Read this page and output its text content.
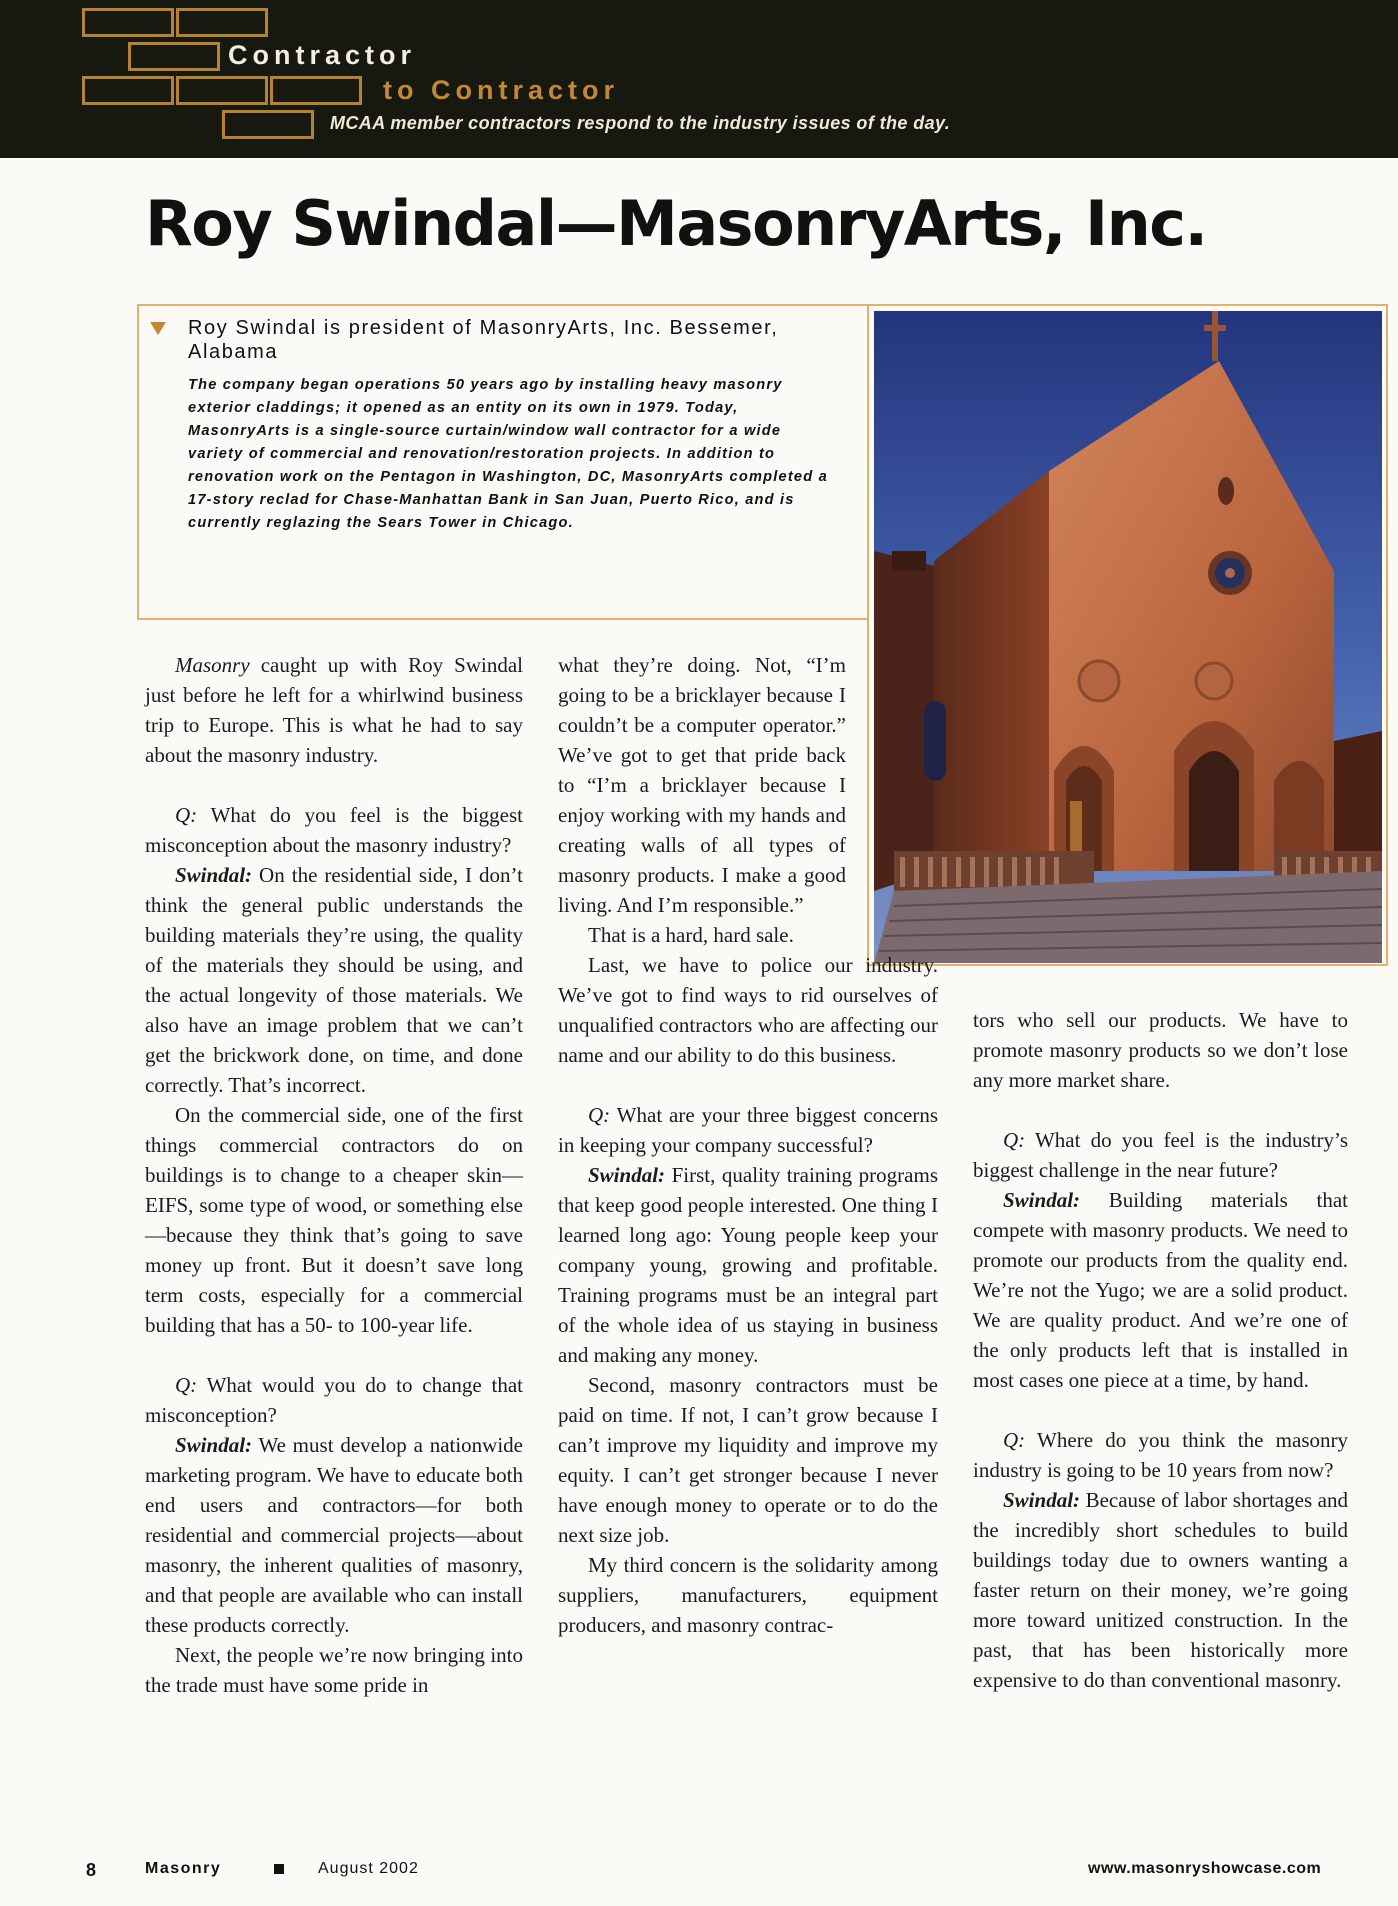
Contractor
to Contractor
MCAA member contractors respond to the industry issues of the day.
Roy Swindal—MasonryArts, Inc.
Roy Swindal is president of MasonryArts, Inc. Bessemer, Alabama
The company began operations 50 years ago by installing heavy masonry exterior claddings; it opened as an entity on its own in 1979. Today, MasonryArts is a single-source curtain/window wall contractor for a wide variety of commercial and renovation/restoration projects. In addition to renovation work on the Pentagon in Washington, DC, MasonryArts completed a 17-story reclad for Chase-Manhattan Bank in San Juan, Puerto Rico, and is currently reglazing the Sears Tower in Chicago.

Masonry caught up with Roy Swindal just before he left for a whirlwind business trip to Europe. This is what he had to say about the masonry industry.

Q: What do you feel is the biggest misconception about the masonry industry?

Swindal: On the residential side, I don’t think the general public understands the building materials they’re using, the quality of the materials they should be using, and the actual longevity of those materials. We also have an image problem that we can’t get the brickwork done, on time, and done correctly. That’s incorrect.

On the commercial side, one of the first things commercial contractors do on buildings is to change to a cheaper skin—EIFS, some type of wood, or something else—because they think that’s going to save money up front. But it doesn’t save long term costs, especially for a commercial building that has a 50- to 100-year life.

Q: What would you do to change that misconception?

Swindal: We must develop a nationwide marketing program. We have to educate both end users and contractors—for both residential and commercial projects—about masonry, the inherent qualities of masonry, and that people are available who can install these products correctly.

Next, the people we’re now bringing into the trade must have some pride in

what they’re doing. Not, “I’m going to be a bricklayer because I couldn’t be a computer operator.” We’ve got to get that pride back to “I’m a bricklayer because I enjoy working with my hands and creating walls of all types of masonry products. I make a good living. And I’m responsible.”

That is a hard, hard sale.

Last, we have to police our industry. We’ve got to find ways to rid ourselves of unqualified contractors who are affecting our name and our ability to do this business.

Q: What are your three biggest concerns in keeping your company successful?

Swindal: First, quality training programs that keep good people interested. One thing I learned long ago: Young people keep your company young, growing and profitable. Training programs must be an integral part of the whole idea of us staying in business and making any money.

Second, masonry contractors must be paid on time. If not, I can’t grow because I can’t improve my liquidity and improve my equity. I can’t get stronger because I never have enough money to operate or to do the next size job.

My third concern is the solidarity among suppliers, manufacturers, equipment producers, and masonry contrac-

tors who sell our products. We have to promote masonry products so we don’t lose any more market share.

Q: What do you feel is the industry’s biggest challenge in the near future?

Swindal: Building materials that compete with masonry products. We need to promote our products from the quality end. We’re not the Yugo; we are a solid product. We are quality product. And we’re one of the only products left that is installed in most cases one piece at a time, by hand.

Q: Where do you think the masonry industry is going to be 10 years from now?

Swindal: Because of labor shortages and the incredibly short schedules to build buildings today due to owners wanting a faster return on their money, we’re going more toward unitized construction. In the past, that has been historically more expensive to do than conventional masonry.

8	Masonry	August 2002	www.masonryshowcase.com
